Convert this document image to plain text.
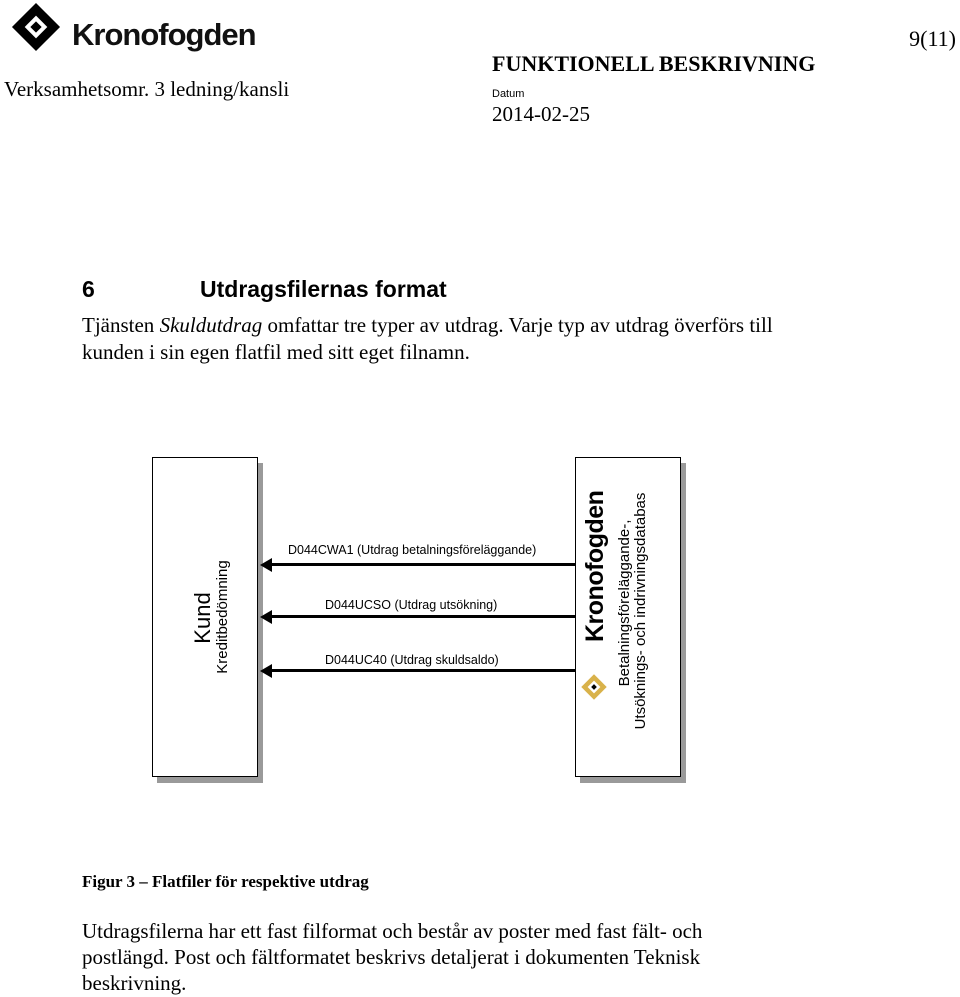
Kronofogden	9(11)
FUNKTIONELL BESKRIVNING
Verksamhetsomr. 3 ledning/kansli	Datum
2014-02-25
6	Utdragsfilernas format
Tjänsten Skuldutdrag omfattar tre typer av utdrag. Varje typ av utdrag överförs till
kunden i sin egen flatfil med sitt eget filnamn.
Kund Kreditbedömning	Kronofogden Betalningsföreläggande-, Utsöknings- och indrivningsdatabas
D044CWA1 (Utdrag betalningsföreläggande)
D044UCSO (Utdrag utsökning)
D044UC40 (Utdrag skuldsaldo)
Figur 3 – Flatfiler för respektive utdrag
Utdragsfilerna har ett fast filformat och består av poster med fast fält- och
postlängd. Post och fältformatet beskrivs detaljerat i dokumenten Teknisk
beskrivning.
